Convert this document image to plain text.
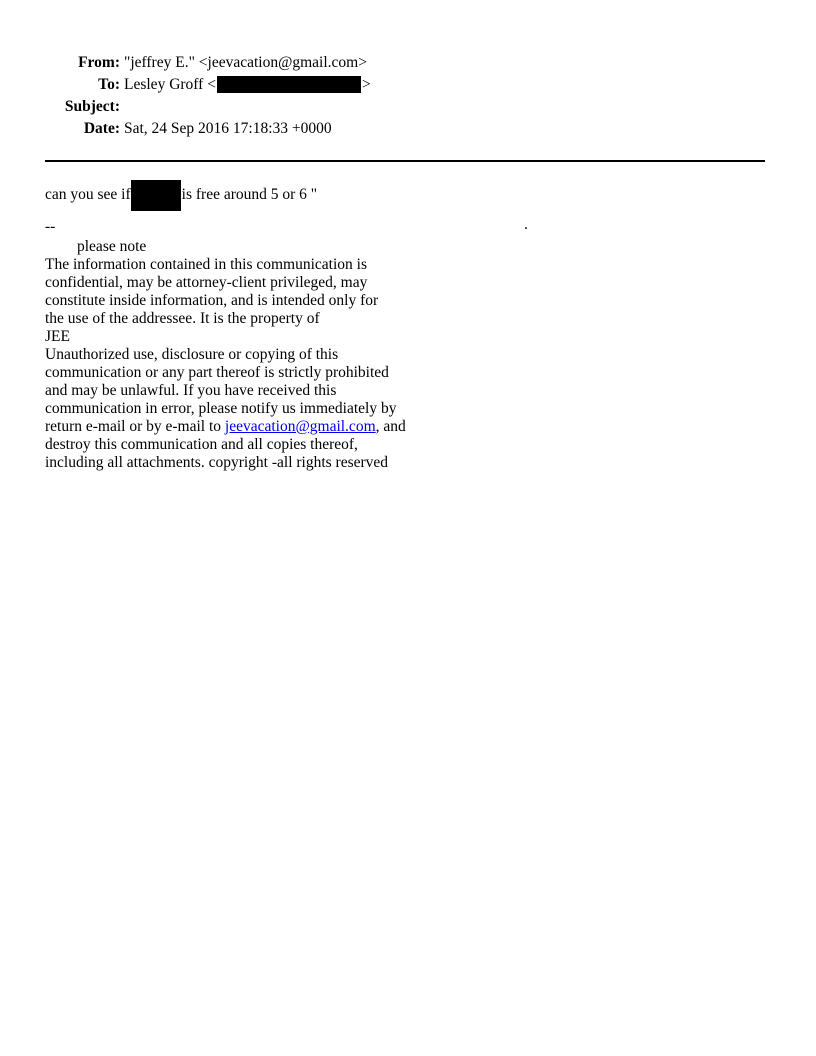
From: "jeffrey E." <jeevacation@gmail.com>
To: Lesley Groff <	>
Subject:
Date: Sat, 24 Sep 2016 17:18:33 +0000
can you see if	is free around 5 or 6 "
--	.
please note
The information contained in this communication is
confidential, may be attorney-client privileged, may
constitute inside information, and is intended only for
the use of the addressee. It is the property of
JEE
Unauthorized use, disclosure or copying of this
communication or any part thereof is strictly prohibited
and may be unlawful. If you have received this
communication in error, please notify us immediately by
return e-mail or by e-mail to jeevacation@gmail.com, and
destroy this communication and all copies thereof,
including all attachments. copyright -all rights reserved
